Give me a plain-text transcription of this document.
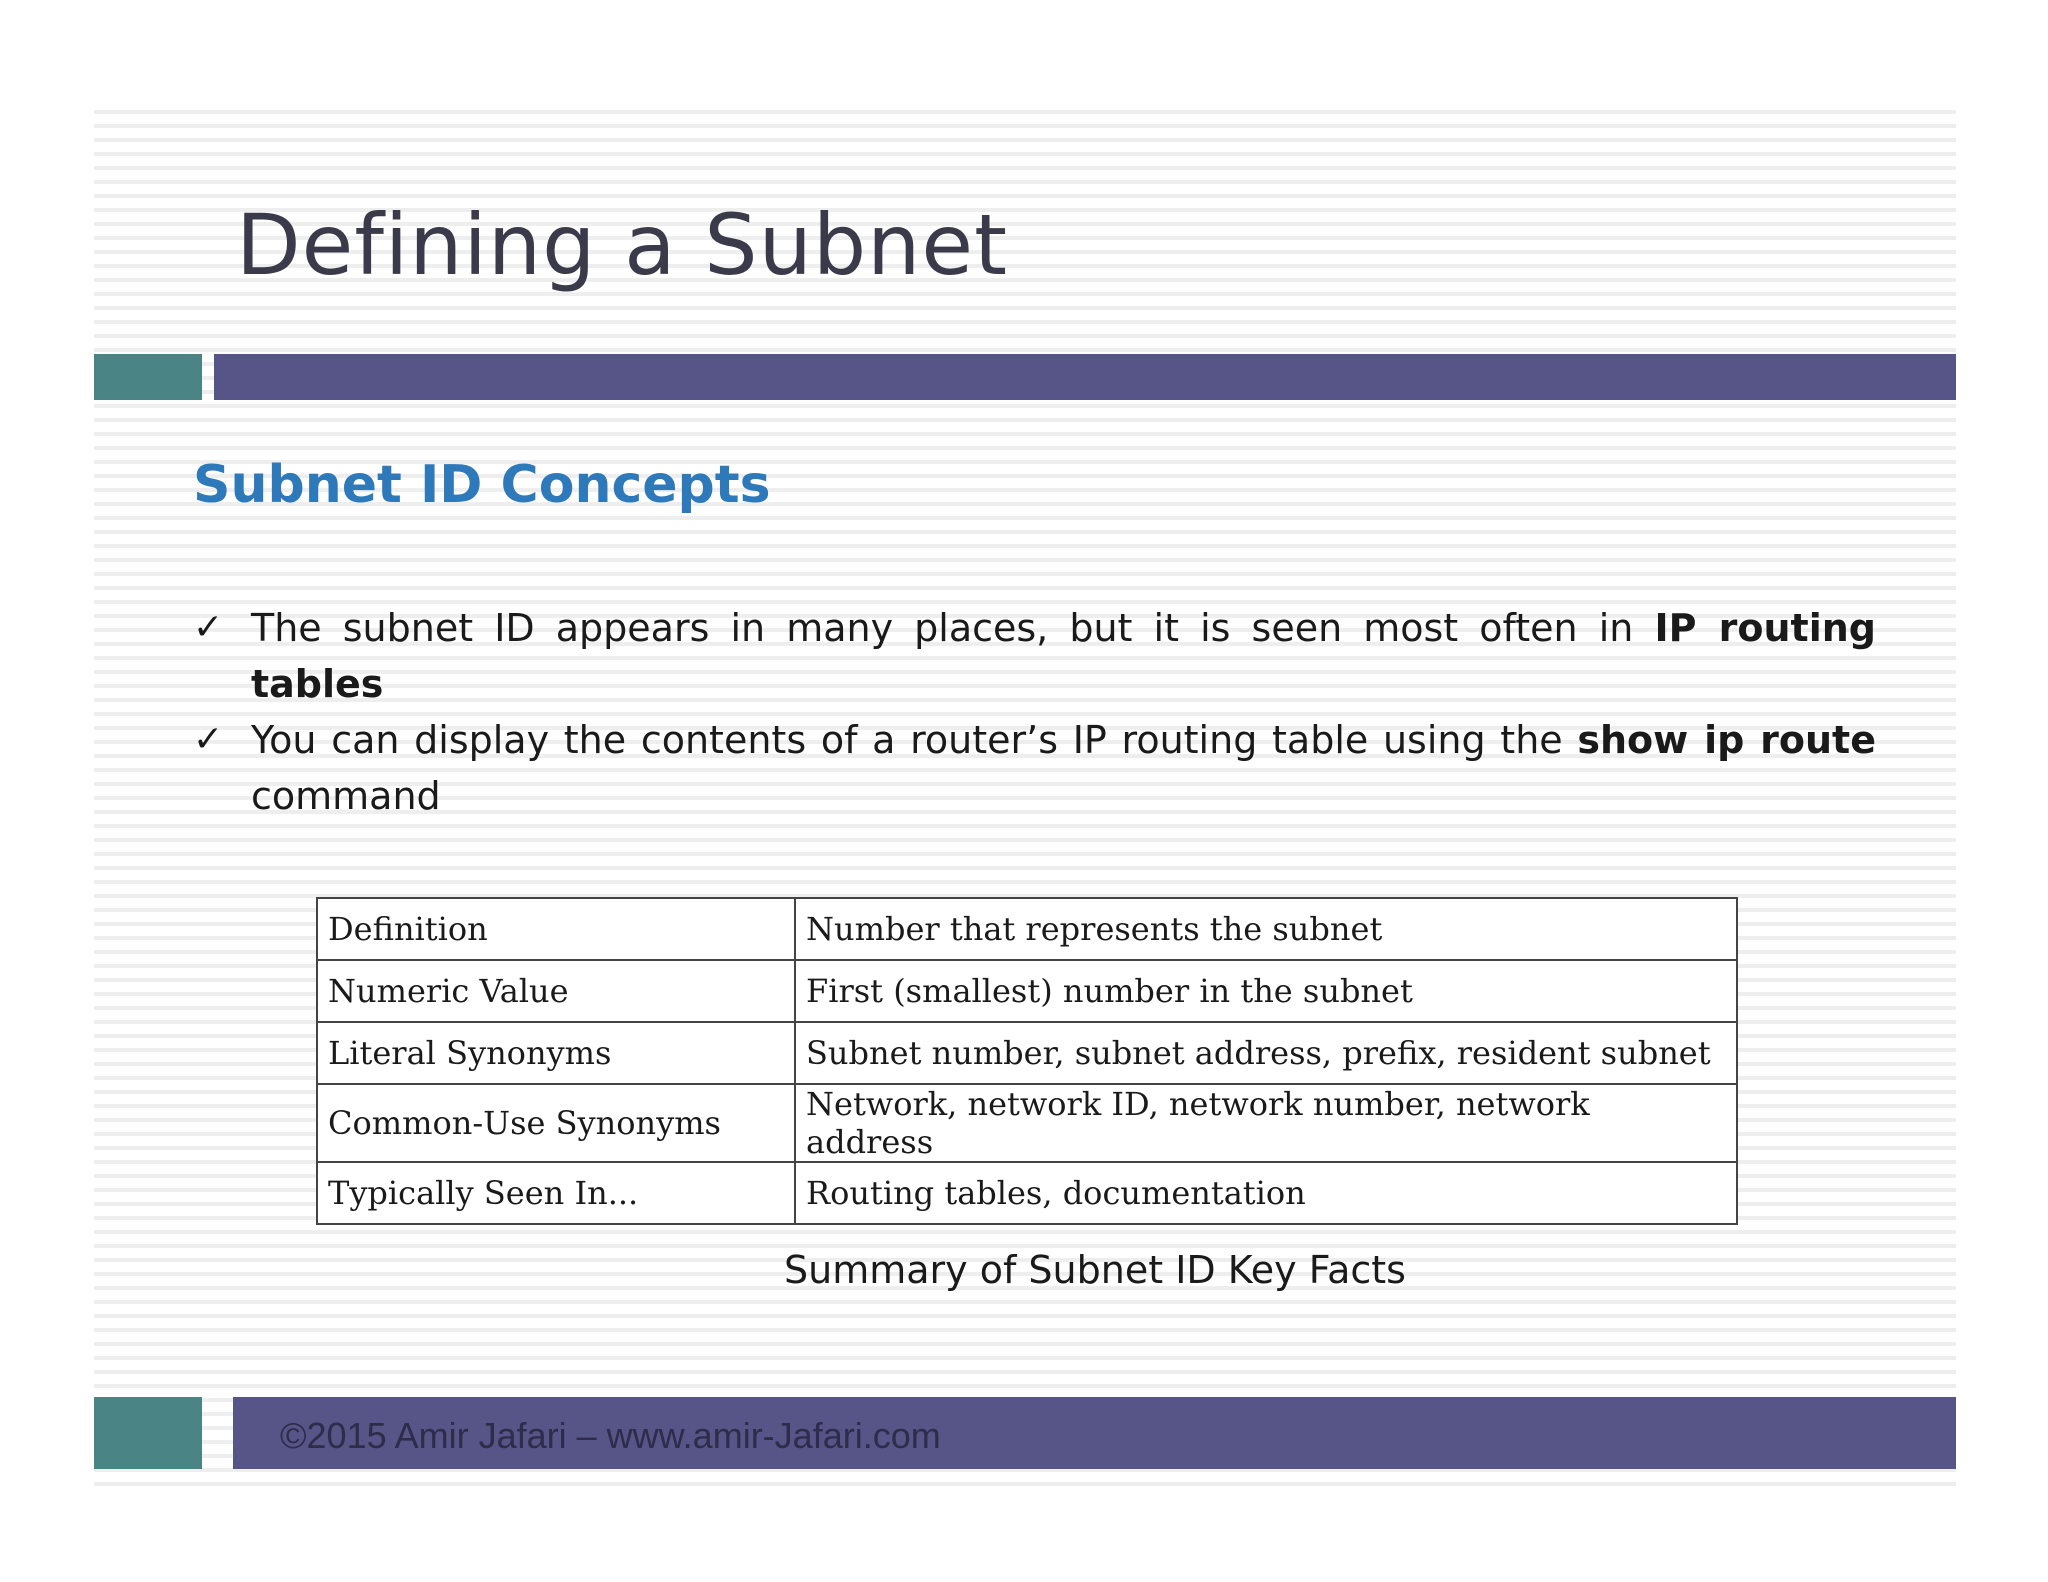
Defining a Subnet
Subnet ID Concepts
✓ The subnet ID appears in many places, but it is seen most often in IP routing tables
✓ You can display the contents of a router’s IP routing table using the show ip route
command
Definition	Number that represents the subnet
Numeric Value	First (smallest) number in the subnet
Literal Synonyms	Subnet number, subnet address, prefix, resident subnet
Common-Use Synonyms	Network, network ID, network number, network address
Typically Seen In...	Routing tables, documentation
Summary of Subnet ID Key Facts
©2015 Amir Jafari – www.amir-Jafari.com
